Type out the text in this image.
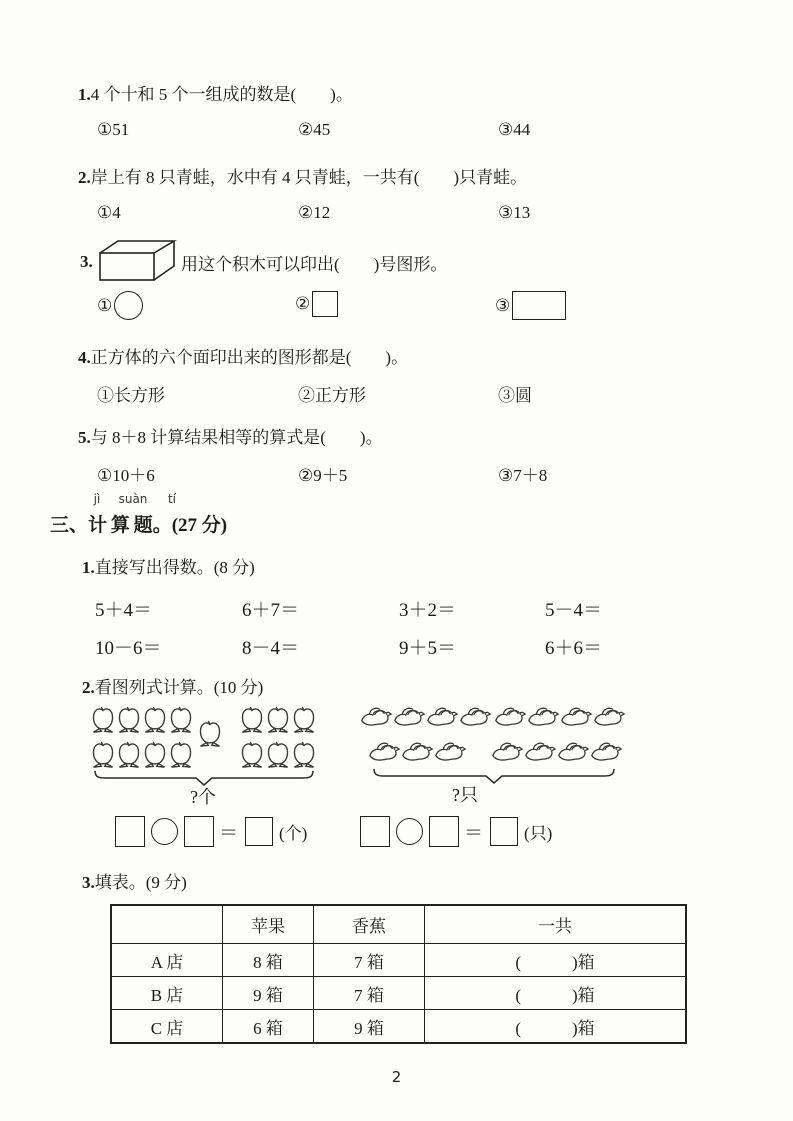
1.4 个十和 5 个一组成的数是(　　)。
①51	②45	③44
2.岸上有 8 只青蛙，水中有 4 只青蛙，一共有(　　)只青蛙。
①4	②12	③13
3.	用这个积木可以印出(　　)号图形。
①	②	③
4.正方体的六个面印出来的图形都是(　　)。
①长方形	②正方形	③圆
5.与 8＋8 计算结果相等的算式是(　　)。
①10＋6	②9＋5	③7＋8
jì suàn tí
三、计  算  题。(27 分)
1.直接写出得数。(8 分)
5＋4＝	6＋7＝	3＋2＝	5－4＝
10－6＝	8－4＝	9＋5＝	6＋6＝
2.看图列式计算。(10 分)
?个	?只
＝ (个)	＝ (只)
3.填表。(9 分)
	苹果	香蕉	一共
A 店	8 箱	7 箱	(　　　)箱
B 店	9 箱	7 箱	(　　　)箱
C 店	6 箱	9 箱	(　　　)箱
2
